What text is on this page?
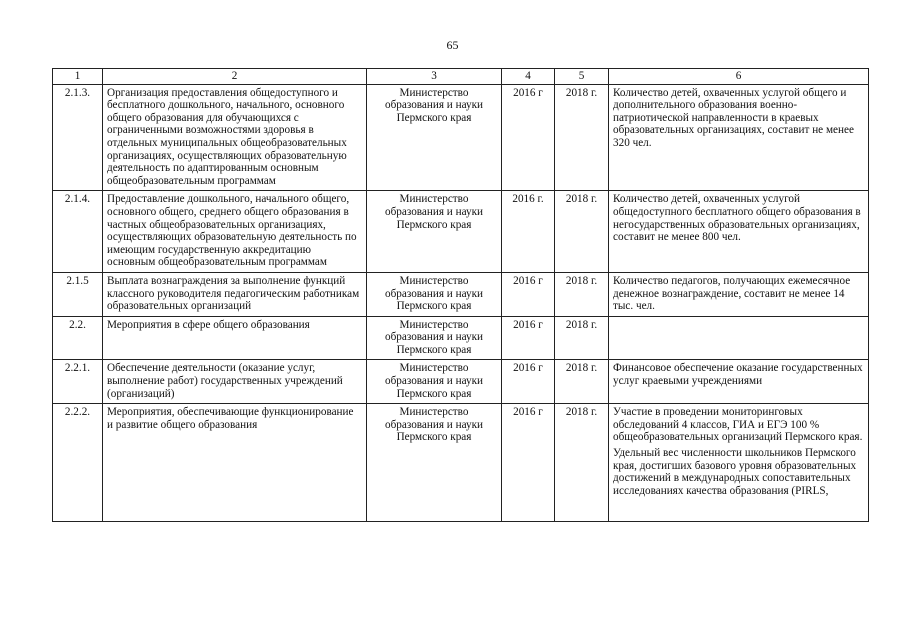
65
1	2	3	4	5	6
2.1.3.	Организация предоставления общедоступного и бесплатного дошкольного, начального, основного общего образования для обучающихся с ограниченными возможностями здоровья в отдельных муниципальных общеобразовательных организациях, осуществляющих образовательную деятельность по адаптированным основным общеобразовательным программам	Министерство образования и науки Пермского края	2016 г	2018 г.	Количество детей, охваченных услугой общего и дополнительного образования военно-патриотической направленности в краевых образовательных организациях, составит не менее 320 чел.

2.1.4.	Предоставление дошкольного, начального общего, основного общего, среднего общего образования в частных общеобразовательных организациях, осуществляющих образовательную деятельность по имеющим государственную аккредитацию основным общеобразовательным программам	Министерство образования и науки Пермского края	2016 г.	2018 г.	Количество детей, охваченных услугой общедоступного бесплатного общего образования в негосударственных образовательных организациях, составит не менее 800 чел.

2.1.5	Выплата вознаграждения за выполнение функций классного руководителя педагогическим работникам образовательных организаций	Министерство образования и науки Пермского края	2016 г	2018 г.	Количество педагогов, получающих ежемесячное денежное вознаграждение, составит не менее 14 тыс. чел.

2.2.	Мероприятия в сфере общего образования	Министерство образования и науки Пермского края	2016 г	2018 г.	
2.2.1.	Обеспечение деятельности (оказание услуг, выполнение работ) государственных учреждений (организаций)	Министерство образования и науки Пермского края	2016 г	2018 г.	Финансовое обеспечение оказание государственных услуг краевыми учреждениями

2.2.2.	Мероприятия, обеспечивающие функционирование и развитие общего образования	Министерство образования и науки Пермского края	2016 г	2018 г.	Участие в проведении мониторинговых обследований 4 классов, ГИА и ЕГЭ 100 % общеобразовательных организаций Пермского края.

Удельный вес численности школьников Пермского края, достигших базового уровня образовательных достижений в международных сопоставительных исследованиях качества образования (PIRLS,
